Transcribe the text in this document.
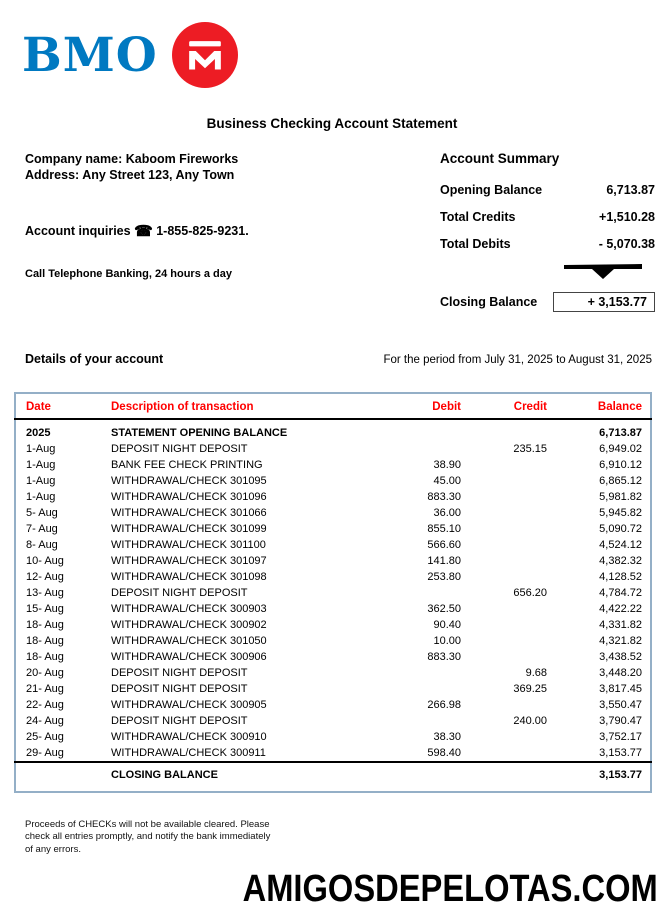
BMO
Business Checking Account Statement
Company name: Kaboom Fireworks
Address: Any Street 123, Any Town
Account inquiries ☎ 1-855-825-9231.
Call Telephone Banking, 24 hours a day
Account Summary
Opening Balance	6,713.87
Total Credits	+1,510.28
Total Debits	- 5,070.38
Closing Balance	+ 3,153.77
Details of your account	For the period from July 31, 2025 to August 31, 2025
Date	Description of transaction	Debit	Credit	Balance
2025	STATEMENT OPENING BALANCE			6,713.87
1-Aug	DEPOSIT NIGHT DEPOSIT		235.15	6,949.02
1-Aug	BANK FEE CHECK PRINTING	38.90		6,910.12
1-Aug	WITHDRAWAL/CHECK 301095	45.00		6,865.12
1-Aug	WITHDRAWAL/CHECK 301096	883.30		5,981.82
5- Aug	WITHDRAWAL/CHECK 301066	36.00		5,945.82
7- Aug	WITHDRAWAL/CHECK 301099	855.10		5,090.72
8- Aug	WITHDRAWAL/CHECK 301100	566.60		4,524.12
10- Aug	WITHDRAWAL/CHECK 301097	141.80		4,382.32
12- Aug	WITHDRAWAL/CHECK 301098	253.80		4,128.52
13- Aug	DEPOSIT NIGHT DEPOSIT		656.20	4,784.72
15- Aug	WITHDRAWAL/CHECK 300903	362.50		4,422.22
18- Aug	WITHDRAWAL/CHECK 300902	90.40		4,331.82
18- Aug	WITHDRAWAL/CHECK 301050	10.00		4,321.82
18- Aug	WITHDRAWAL/CHECK 300906	883.30		3,438.52
20- Aug	DEPOSIT NIGHT DEPOSIT		9.68	3,448.20
21- Aug	DEPOSIT NIGHT DEPOSIT		369.25	3,817.45
22- Aug	WITHDRAWAL/CHECK 300905	266.98		3,550.47
24- Aug	DEPOSIT NIGHT DEPOSIT		240.00	3,790.47
25- Aug	WITHDRAWAL/CHECK 300910	38.30		3,752.17
29- Aug	WITHDRAWAL/CHECK 300911	598.40		3,153.77
	CLOSING BALANCE			3,153.77
Proceeds of CHECKs will not be available cleared. Please check all entries promptly, and notify the bank immediately of any errors.
AMIGOSDEPELOTAS.COM
